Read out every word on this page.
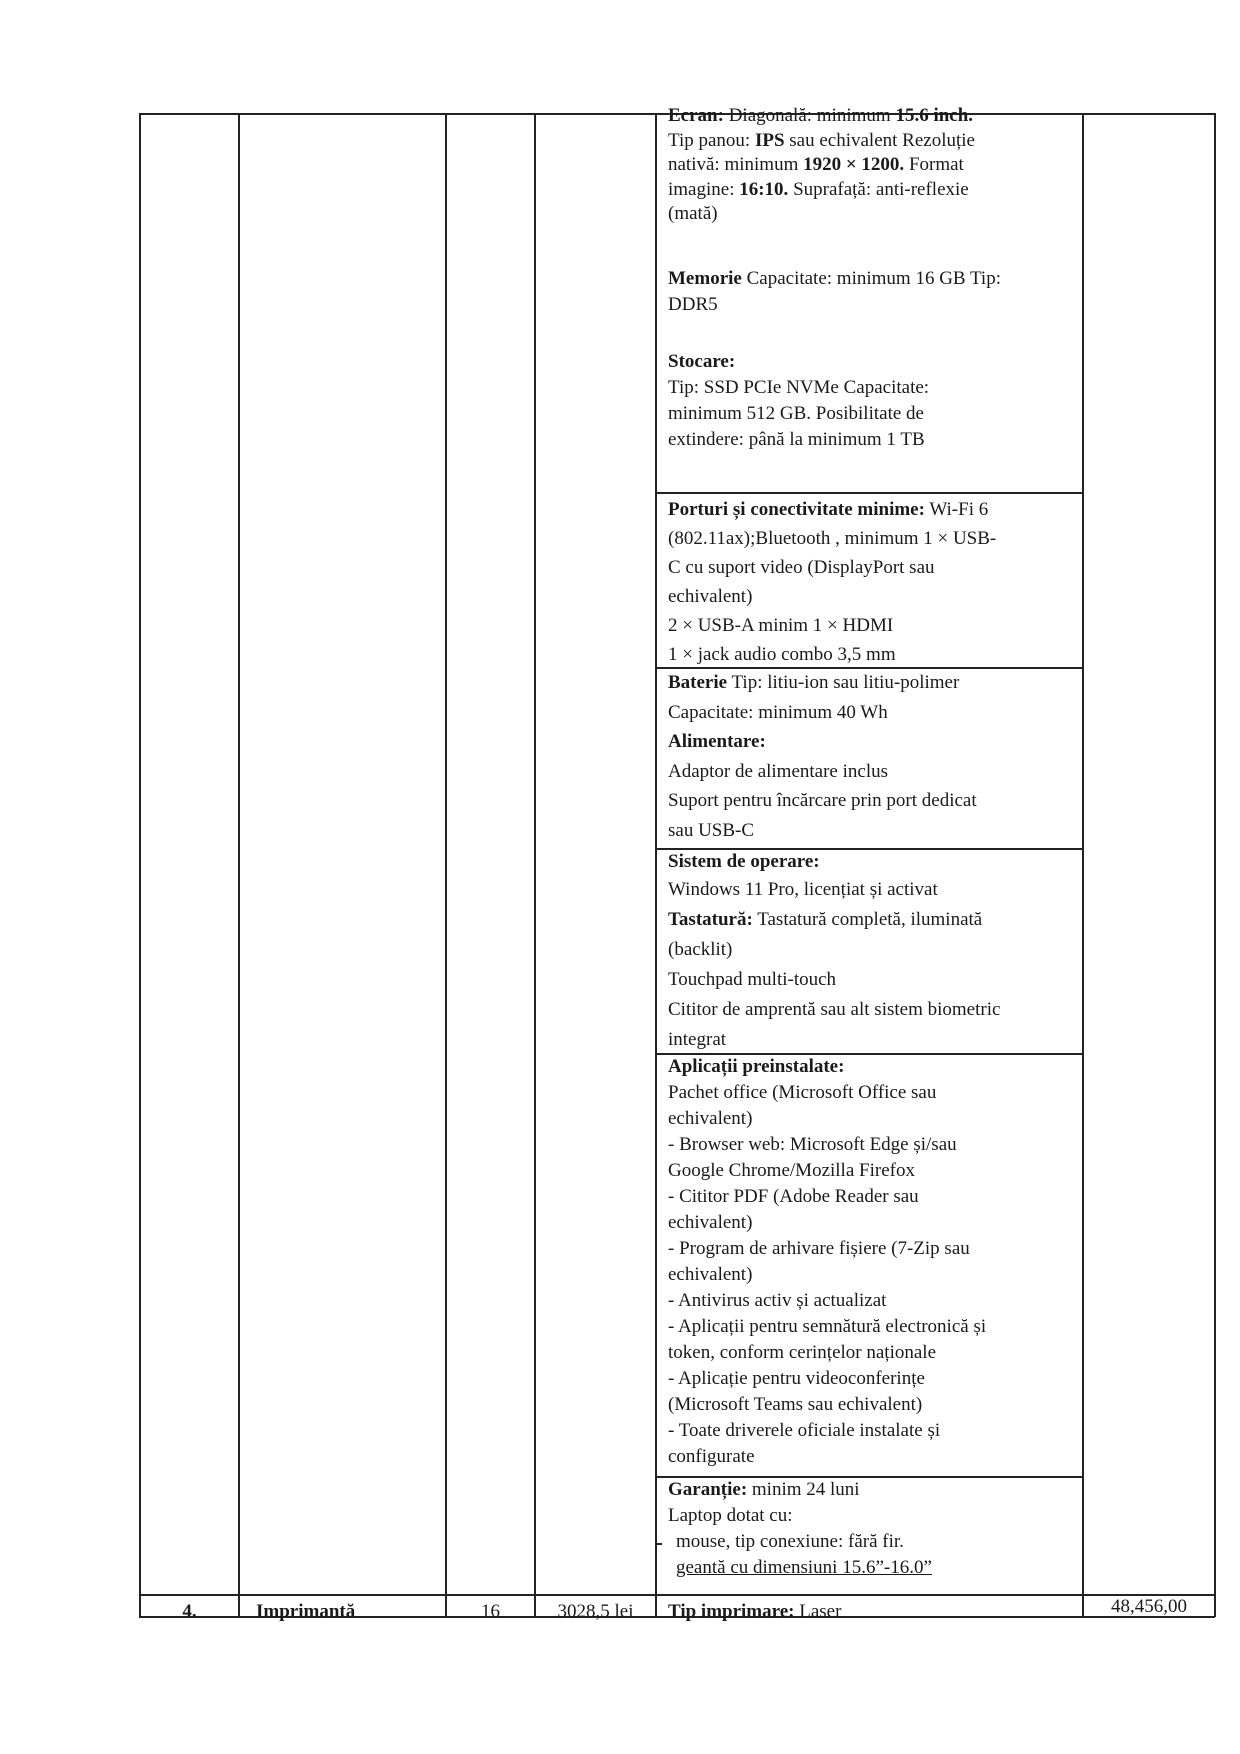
Ecran: Diagonală: minimum 15.6 inch.
Tip panou: IPS sau echivalent Rezoluție
nativă: minimum 1920 × 1200. Format
imagine: 16:10. Suprafață: anti-reflexie
(mată)
Memorie Capacitate: minimum 16 GB Tip:
DDR5
Stocare:
Tip: SSD PCIe NVMe Capacitate:
minimum 512 GB. Posibilitate de
extindere: până la minimum 1 TB
Porturi și conectivitate minime: Wi-Fi 6
(802.11ax);Bluetooth , minimum 1 × USB-
C cu suport video (DisplayPort sau
echivalent)
2 × USB-A minim 1 × HDMI
1 × jack audio combo 3,5 mm
Baterie Tip: litiu-ion sau litiu-polimer
Capacitate: minimum 40 Wh
Alimentare:
Adaptor de alimentare inclus
Suport pentru încărcare prin port dedicat
sau USB-C
Sistem de operare:
Windows 11 Pro, licențiat și activat
Tastatură: Tastatură completă, iluminată
(backlit)
Touchpad multi-touch
Cititor de amprentă sau alt sistem biometric
integrat
Aplicații preinstalate:
Pachet office (Microsoft Office sau
echivalent)
- Browser web: Microsoft Edge și/sau
Google Chrome/Mozilla Firefox
- Cititor PDF (Adobe Reader sau
echivalent)
- Program de arhivare fișiere (7-Zip sau
echivalent)
- Antivirus activ și actualizat
- Aplicații pentru semnătură electronică și
token, conform cerințelor naționale
- Aplicație pentru videoconferințe
(Microsoft Teams sau echivalent)
- Toate driverele oficiale instalate și
configurate
Garanție: minim 24 luni
Laptop dotat cu:
mouse, tip conexiune: fără fir.
geantă cu dimensiuni 15.6”-16.0”
4.	Imprimantă	16	3028,5 lei	Tip imprimare: Laser	48,456,00
